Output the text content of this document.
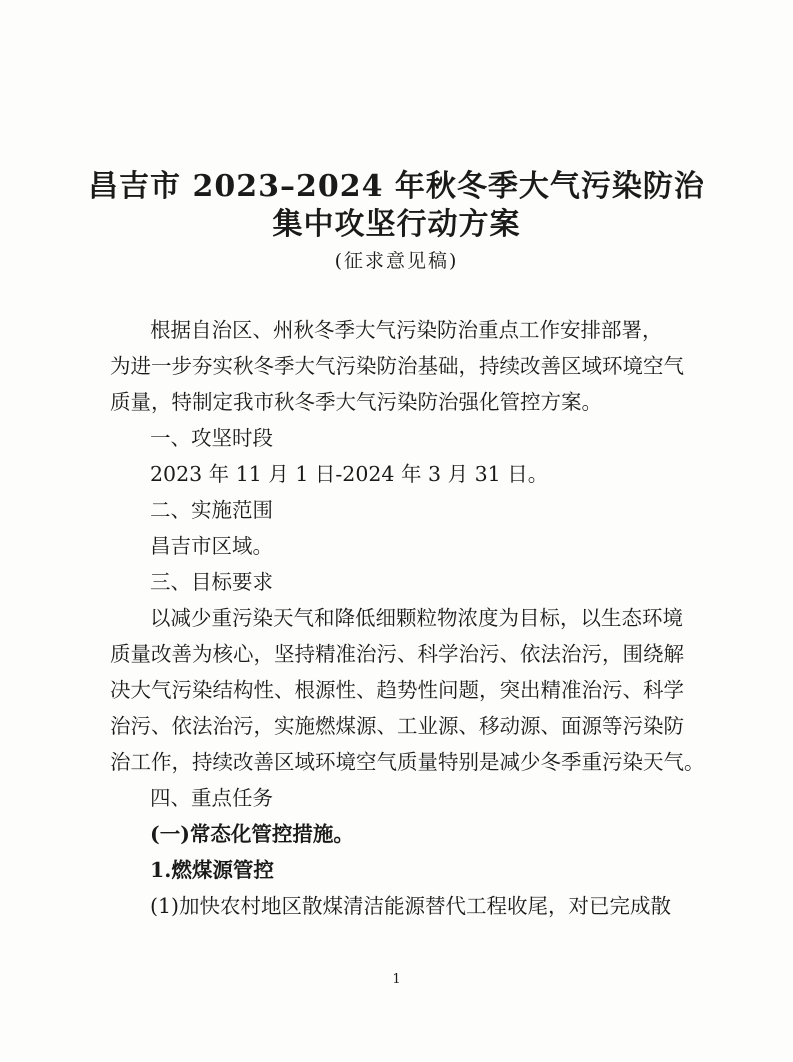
昌吉市 2023–2024 年秋冬季大气污染防治
集中攻坚行动方案
(征求意见稿)
根据自治区、州秋冬季大气污染防治重点工作安排部署，
为进一步夯实秋冬季大气污染防治基础，持续改善区域环境空气
质量，特制定我市秋冬季大气污染防治强化管控方案。
一、攻坚时段
2023 年 11 月 1 日-2024 年 3 月 31 日。
二、实施范围
昌吉市区域。
三、目标要求
以减少重污染天气和降低细颗粒物浓度为目标，以生态环境
质量改善为核心，坚持精准治污、科学治污、依法治污，围绕解
决大气污染结构性、根源性、趋势性问题，突出精准治污、科学
治污、依法治污，实施燃煤源、工业源、移动源、面源等污染防
治工作，持续改善区域环境空气质量特别是减少冬季重污染天气。
四、重点任务
(一)常态化管控措施。
1.燃煤源管控
(1)加快农村地区散煤清洁能源替代工程收尾，对已完成散
1
